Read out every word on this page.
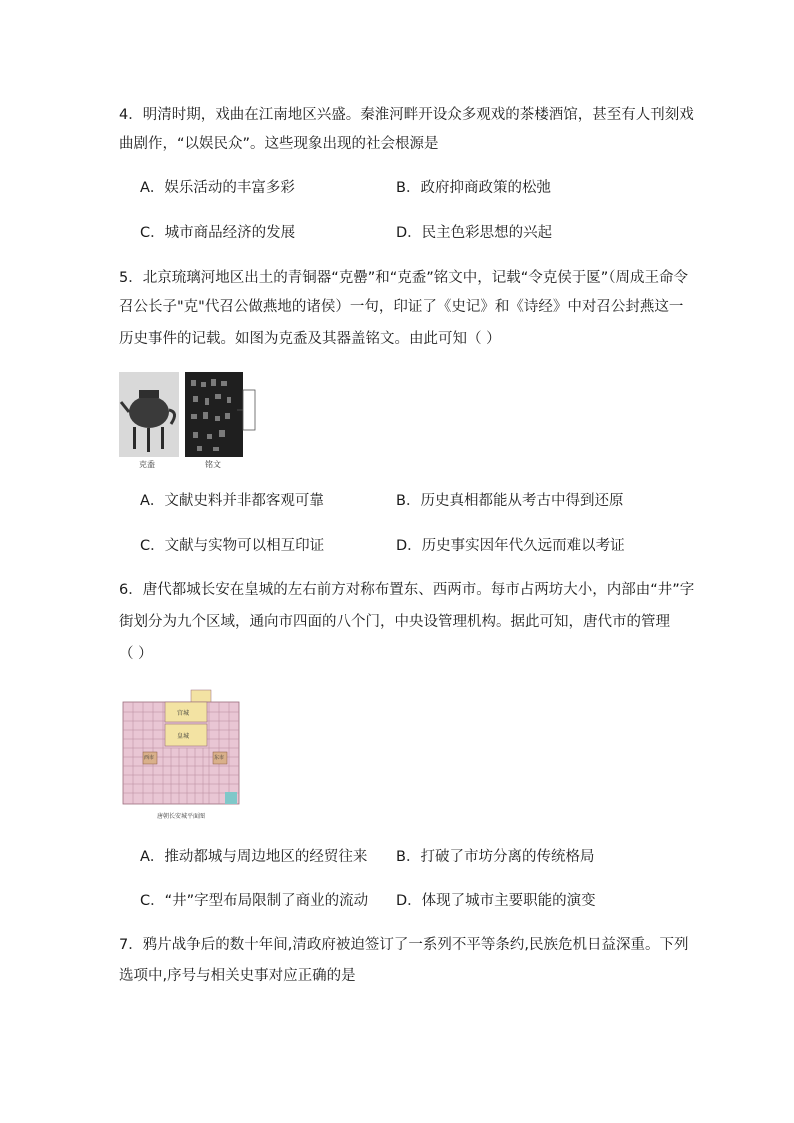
4．明清时期，戏曲在江南地区兴盛。秦淮河畔开设众多观戏的茶楼酒馆，甚至有人刊刻戏
曲剧作，“以娱民众”。这些现象出现的社会根源是
A．娱乐活动的丰富多彩	B．政府抑商政策的松弛
C．城市商品经济的发展	D．民主色彩思想的兴起
5．北京琉璃河地区出土的青铜器“克罍”和“克盉”铭文中，记载“令克侯于匽”（周成王命令
召公长子"克"代召公做燕地的诸侯）一句，印证了《史记》和《诗经》中对召公封燕这一
历史事件的记载。如图为克盉及其器盖铭文。由此可知（ ）
克盉	铭文
A．文献史料并非都客观可靠	B．历史真相都能从考古中得到还原
C．文献与实物可以相互印证	D．历史事实因年代久远而难以考证
6．唐代都城长安在皇城的左右前方对称布置东、西两市。每市占两坊大小，内部由“井”字
街划分为九个区域，通向市四面的八个门，中央设管理机构。据此可知，唐代市的管理
（ ）
宫城
皇城
西市	东市
唐朝长安城平面图
A．推动都城与周边地区的经贸往来 B．打破了市坊分离的传统格局
C．“井”字型布局限制了商业的流动 D．体现了城市主要职能的演变
7．鸦片战争后的数十年间,清政府被迫签订了一系列不平等条约,民族危机日益深重。下列
选项中,序号与相关史事对应正确的是
